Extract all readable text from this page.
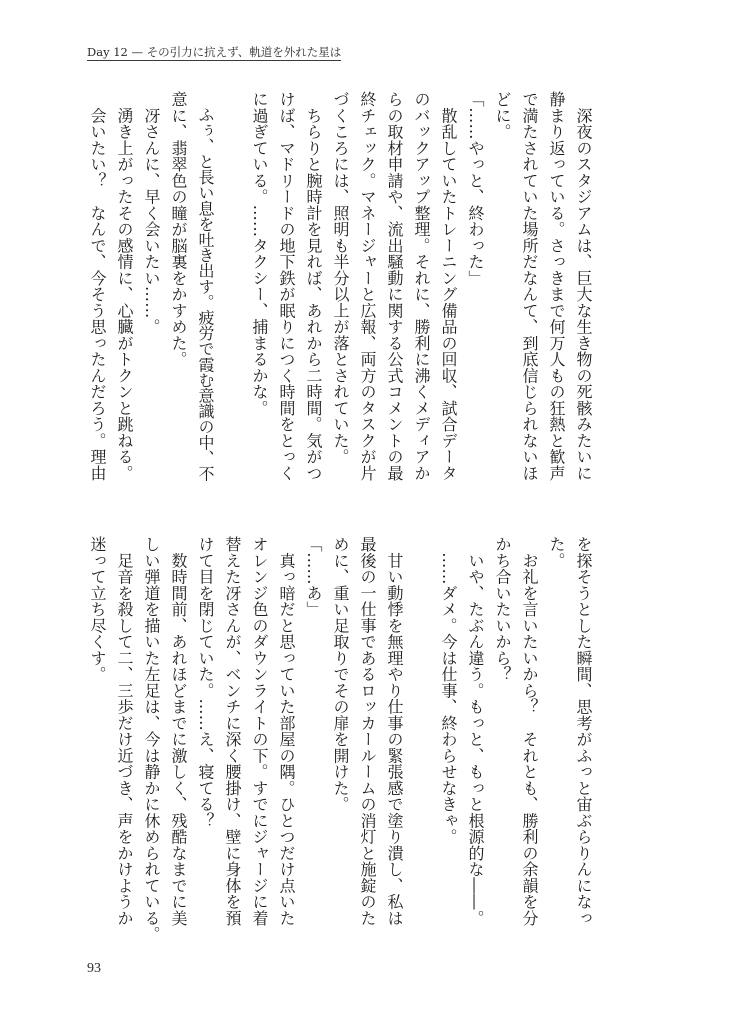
Day 12 — その引力に抗えず、軌道を外れた星は
　深夜のスタジアムは、巨大な生き物の死骸みたいに
静まり返っている。さっきまで何万人もの狂熱と歓声
で満たされていた場所だなんて、到底信じられないほ
どに。
「……やっと、終わった」
　散乱していたトレーニング備品の回収、試合データ
のバックアップ整理。それに、勝利に沸くメディアか
らの取材申請や、流出騒動に関する公式コメントの最
終チェック。マネージャーと広報、両方のタスクが片
づくころには、照明も半分以上が落とされていた。
　ちらりと腕時計を見れば、あれから二時間。気がつ
けば、マドリードの地下鉄が眠りにつく時間をとっく
に過ぎている。……タクシー、捕まるかな。
　ふぅ、と長い息を吐き出す。疲労で霞む意識の中、不
意に、翡翠色の瞳が脳裏をかすめた。
　冴さんに、早く会いたい……。
　湧き上がったその感情に、心臓がトクンと跳ねる。
　会いたい？　なんで、今そう思ったんだろう。理由
を探そうとした瞬間、思考がふっと宙ぶらりんになっ
た。
　お礼を言いたいから？　それとも、勝利の余韻を分
かち合いたいから？
　いや、たぶん違う。もっと、もっと根源的な――。
　……ダメ。今は仕事、終わらせなきゃ。
　甘い動悸を無理やり仕事の緊張感で塗り潰し、私は
最後の一仕事であるロッカールームの消灯と施錠のた
めに、重い足取りでその扉を開けた。
「……あ」
　真っ暗だと思っていた部屋の隅。ひとつだけ点いた
オレンジ色のダウンライトの下。すでにジャージに着
替えた冴さんが、ベンチに深く腰掛け、壁に身体を預
けて目を閉じていた。……え、寝てる？
　数時間前、あれほどまでに激しく、残酷なまでに美
しい弾道を描いた左足は、今は静かに休められている。
　足音を殺して二、三歩だけ近づき、声をかけようか
迷って立ち尽くす。
93
